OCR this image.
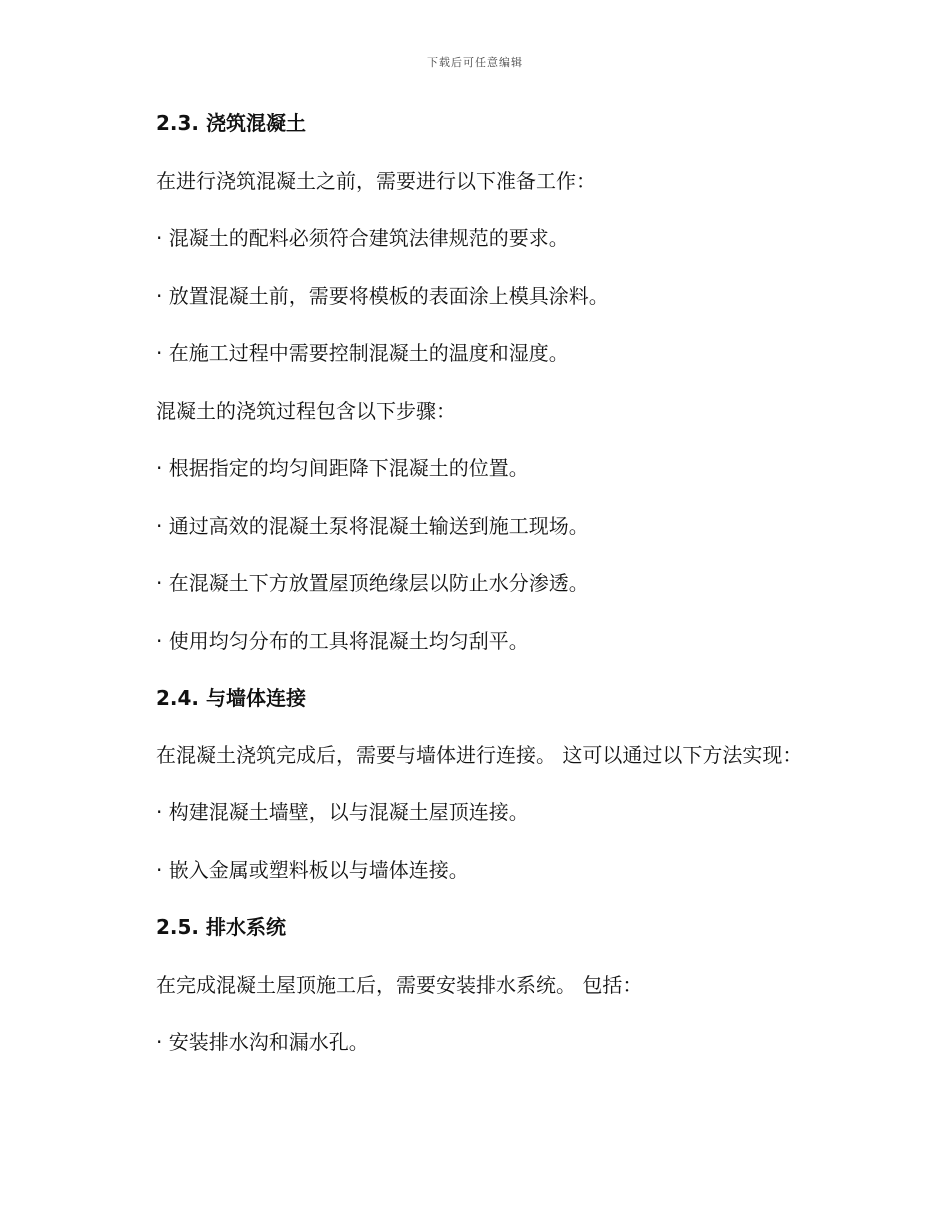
下载后可任意编辑
2.3. 浇筑混凝土
在进行浇筑混凝土之前，需要进行以下准备工作：
· 混凝土的配料必须符合建筑法律规范的要求。
· 放置混凝土前，需要将模板的表面涂上模具涂料。
· 在施工过程中需要控制混凝土的温度和湿度。
混凝土的浇筑过程包含以下步骤：
· 根据指定的均匀间距降下混凝土的位置。
· 通过高效的混凝土泵将混凝土输送到施工现场。
· 在混凝土下方放置屋顶绝缘层以防止水分渗透。
· 使用均匀分布的工具将混凝土均匀刮平。
2.4. 与墙体连接
在混凝土浇筑完成后，需要与墙体进行连接。 这可以通过以下方法实现：
· 构建混凝土墙壁，以与混凝土屋顶连接。
· 嵌入金属或塑料板以与墙体连接。
2.5. 排水系统
在完成混凝土屋顶施工后，需要安装排水系统。 包括：
· 安装排水沟和漏水孔。
